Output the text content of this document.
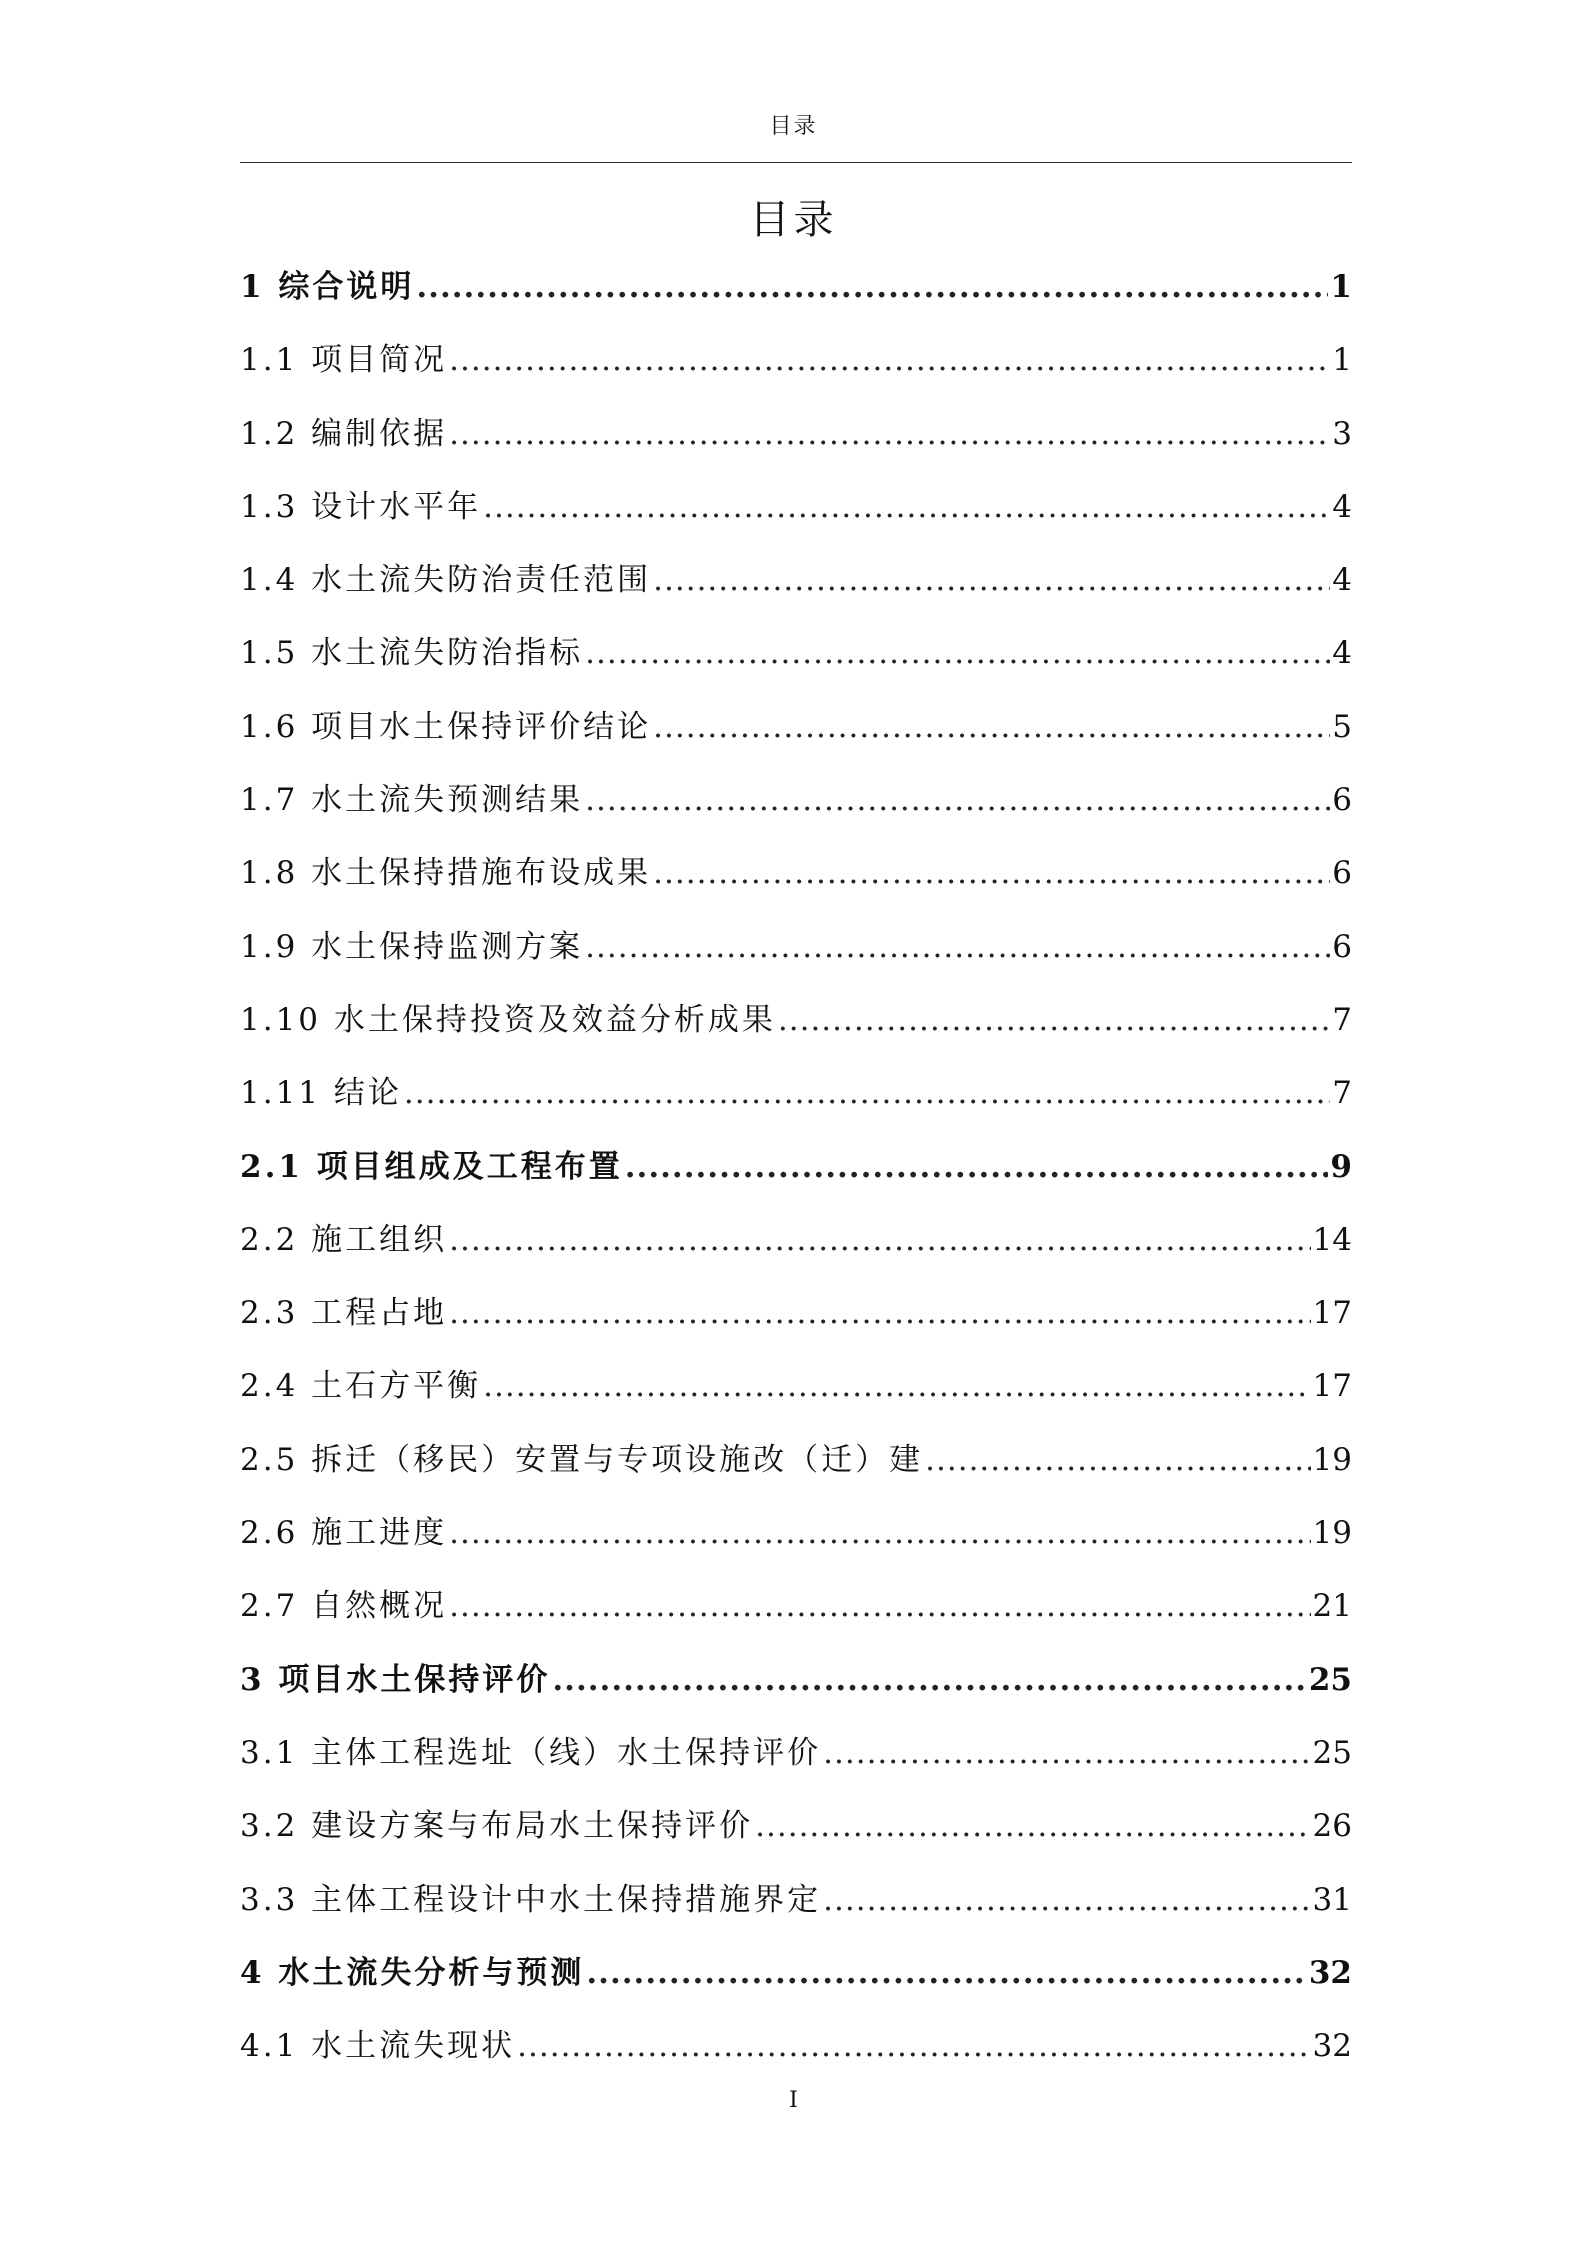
目录
目录
1 综合说明 .....	1
1.1 项目简况 .....	1
1.2 编制依据 .....	3
1.3 设计水平年 .....	4
1.4 水土流失防治责任范围 .....	4
1.5 水土流失防治指标 .....	4
1.6 项目水土保持评价结论 .....	5
1.7 水土流失预测结果 .....	6
1.8 水土保持措施布设成果 .....	6
1.9 水土保持监测方案 .....	6
1.10 水土保持投资及效益分析成果 .....	7
1.11 结论 .....	7
2.1 项目组成及工程布置 .....	9
2.2 施工组织 .....	14
2.3 工程占地 .....	17
2.4 土石方平衡 .....	17
2.5 拆迁（移民）安置与专项设施改（迁）建 .....	19
2.6 施工进度 .....	19
2.7 自然概况 .....	21
3 项目水土保持评价 .....	25
3.1 主体工程选址（线）水土保持评价 .....	25
3.2 建设方案与布局水土保持评价 .....	26
3.3 主体工程设计中水土保持措施界定 .....	31
4 水土流失分析与预测 .....	32
4.1 水土流失现状 .....	32
I
